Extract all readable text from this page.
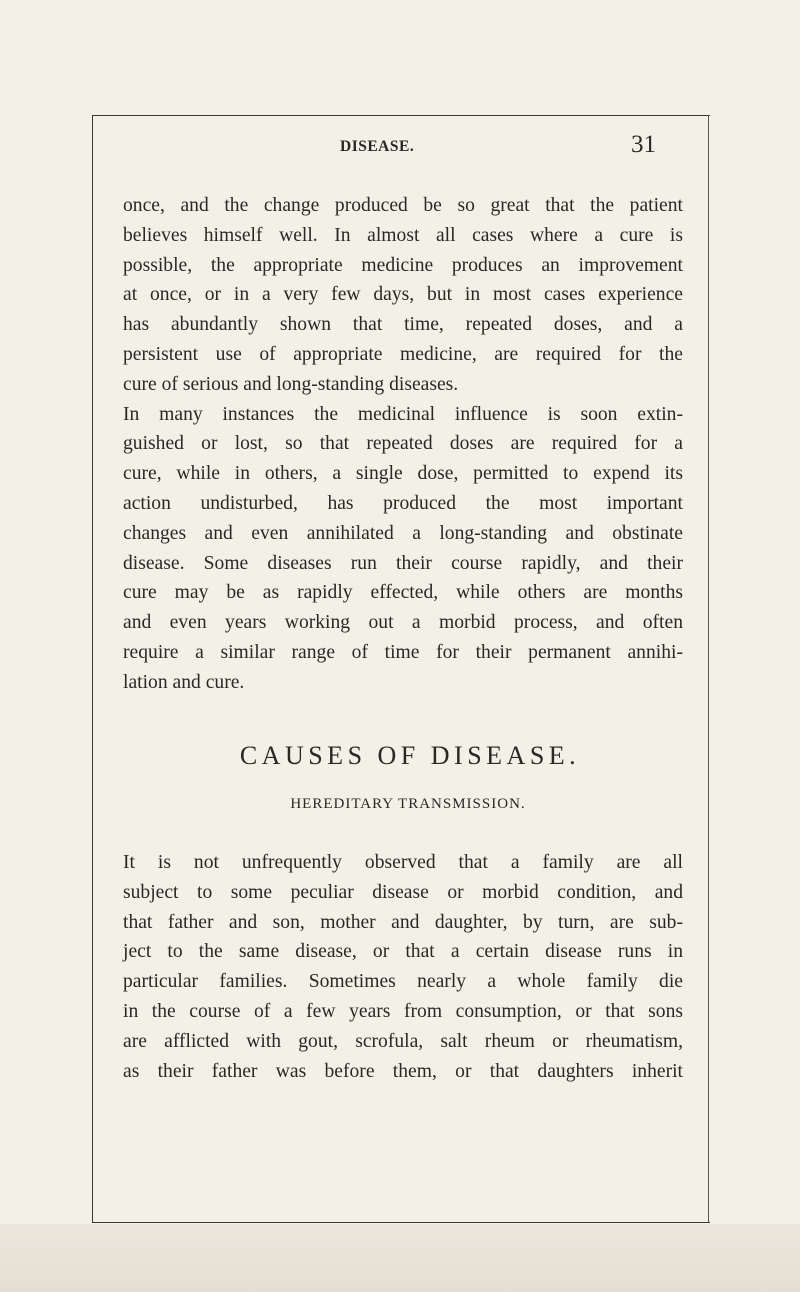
DISEASE.	31
once, and the change produced be so great that the patient
believes himself well. In almost all cases where a cure is
possible, the appropriate medicine produces an improvement
at once, or in a very few days, but in most cases experience
has abundantly shown that time, repeated doses, and a
persistent use of appropriate medicine, are required for the
cure of serious and long-standing diseases.
In many instances the medicinal influence is soon extin-
guished or lost, so that repeated doses are required for a
cure, while in others, a single dose, permitted to expend its
action undisturbed, has produced the most important
changes and even annihilated a long-standing and obstinate
disease. Some diseases run their course rapidly, and their
cure may be as rapidly effected, while others are months
and even years working out a morbid process, and often
require a similar range of time for their permanent annihi-
lation and cure.
CAUSES OF DISEASE.
HEREDITARY TRANSMISSION.
It is not unfrequently observed that a family are all
subject to some peculiar disease or morbid condition, and
that father and son, mother and daughter, by turn, are sub-
ject to the same disease, or that a certain disease runs in
particular families. Sometimes nearly a whole family die
in the course of a few years from consumption, or that sons
are afflicted with gout, scrofula, salt rheum or rheumatism,
as their father was before them, or that daughters inherit
